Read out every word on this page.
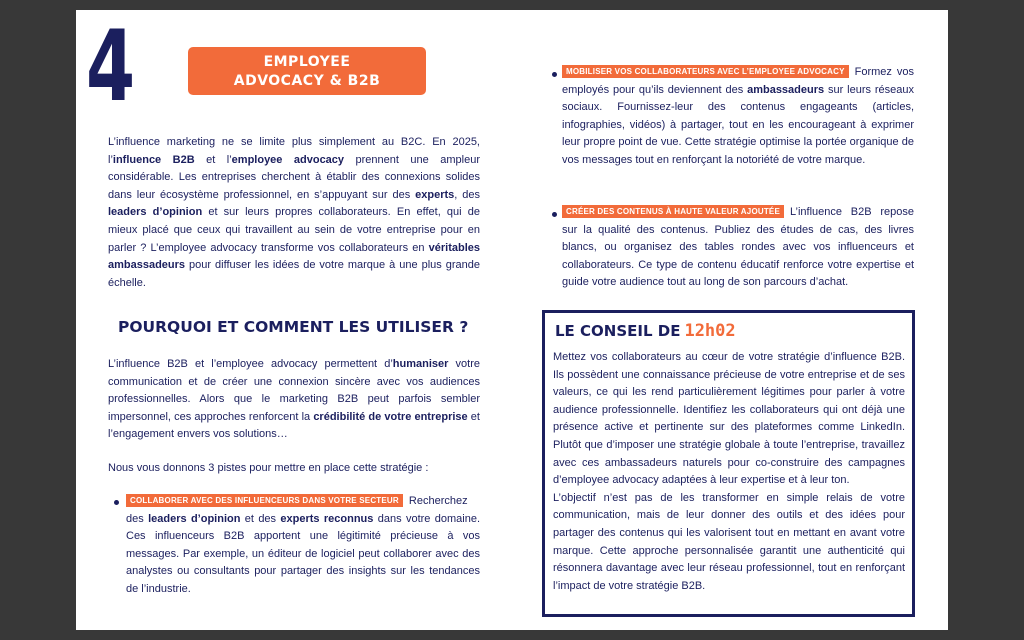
4	EMPLOYEE
ADVOCACY & B2B

L’influence marketing ne se limite plus simplement au B2C. En 2025, l’influence B2B et l’employee advocacy prennent une ampleur considérable. Les entreprises cherchent à établir des connexions solides dans leur écosystème professionnel, en s’appuyant sur des experts, des leaders d’opinion et sur leurs propres collaborateurs. En effet, qui de mieux placé que ceux qui travaillent au sein de votre entreprise pour en parler ? L’employee advocacy transforme vos collaborateurs en véritables ambassadeurs pour diffuser les idées de votre marque à une plus grande échelle.

POURQUOI ET COMMENT LES UTILISER ?

L’influence B2B et l’employee advocacy permettent d’humaniser votre communication et de créer une connexion sincère avec vos audiences professionnelles. Alors que le marketing B2B peut parfois sembler impersonnel, ces approches renforcent la crédibilité de votre entreprise et l’engagement envers vos solutions…

Nous vous donnons 3 pistes pour mettre en place cette stratégie :

COLLABORER AVEC DES INFLUENCEURS DANS VOTRE SECTEUR Recherchez des leaders d’opinion et des experts reconnus dans votre domaine. Ces influenceurs B2B apportent une légitimité précieuse à vos messages. Par exemple, un éditeur de logiciel peut collaborer avec des analystes ou consultants pour partager des insights sur les tendances de l’industrie.

MOBILISER VOS COLLABORATEURS AVEC L’EMPLOYEE ADVOCACY Formez vos employés pour qu’ils deviennent des ambassadeurs sur leurs réseaux sociaux. Fournissez-leur des contenus engageants (articles, infographies, vidéos) à partager, tout en les encourageant à exprimer leur propre point de vue. Cette stratégie optimise la portée organique de vos messages tout en renforçant la notoriété de votre marque.

CRÉER DES CONTENUS À HAUTE VALEUR AJOUTÉE L’influence B2B repose sur la qualité des contenus. Publiez des études de cas, des livres blancs, ou organisez des tables rondes avec vos influenceurs et collaborateurs. Ce type de contenu éducatif renforce votre expertise et guide votre audience tout au long de son parcours d’achat.

LE CONSEIL DE 12h02

Mettez vos collaborateurs au cœur de votre stratégie d’influence B2B. Ils possèdent une connaissance précieuse de votre entreprise et de ses valeurs, ce qui les rend particulièrement légitimes pour parler à votre audience professionnelle. Identifiez les collaborateurs qui ont déjà une présence active et pertinente sur des plateformes comme LinkedIn. Plutôt que d’imposer une stratégie globale à toute l’entreprise, travaillez avec ces ambassadeurs naturels pour co-construire des campagnes d’employee advocacy adaptées à leur expertise et à leur ton.
L’objectif n’est pas de les transformer en simple relais de votre communication, mais de leur donner des outils et des idées pour partager des contenus qui les valorisent tout en mettant en avant votre marque. Cette approche personnalisée garantit une authenticité qui résonnera davantage avec leur réseau professionnel, tout en renforçant l’impact de votre stratégie B2B.
